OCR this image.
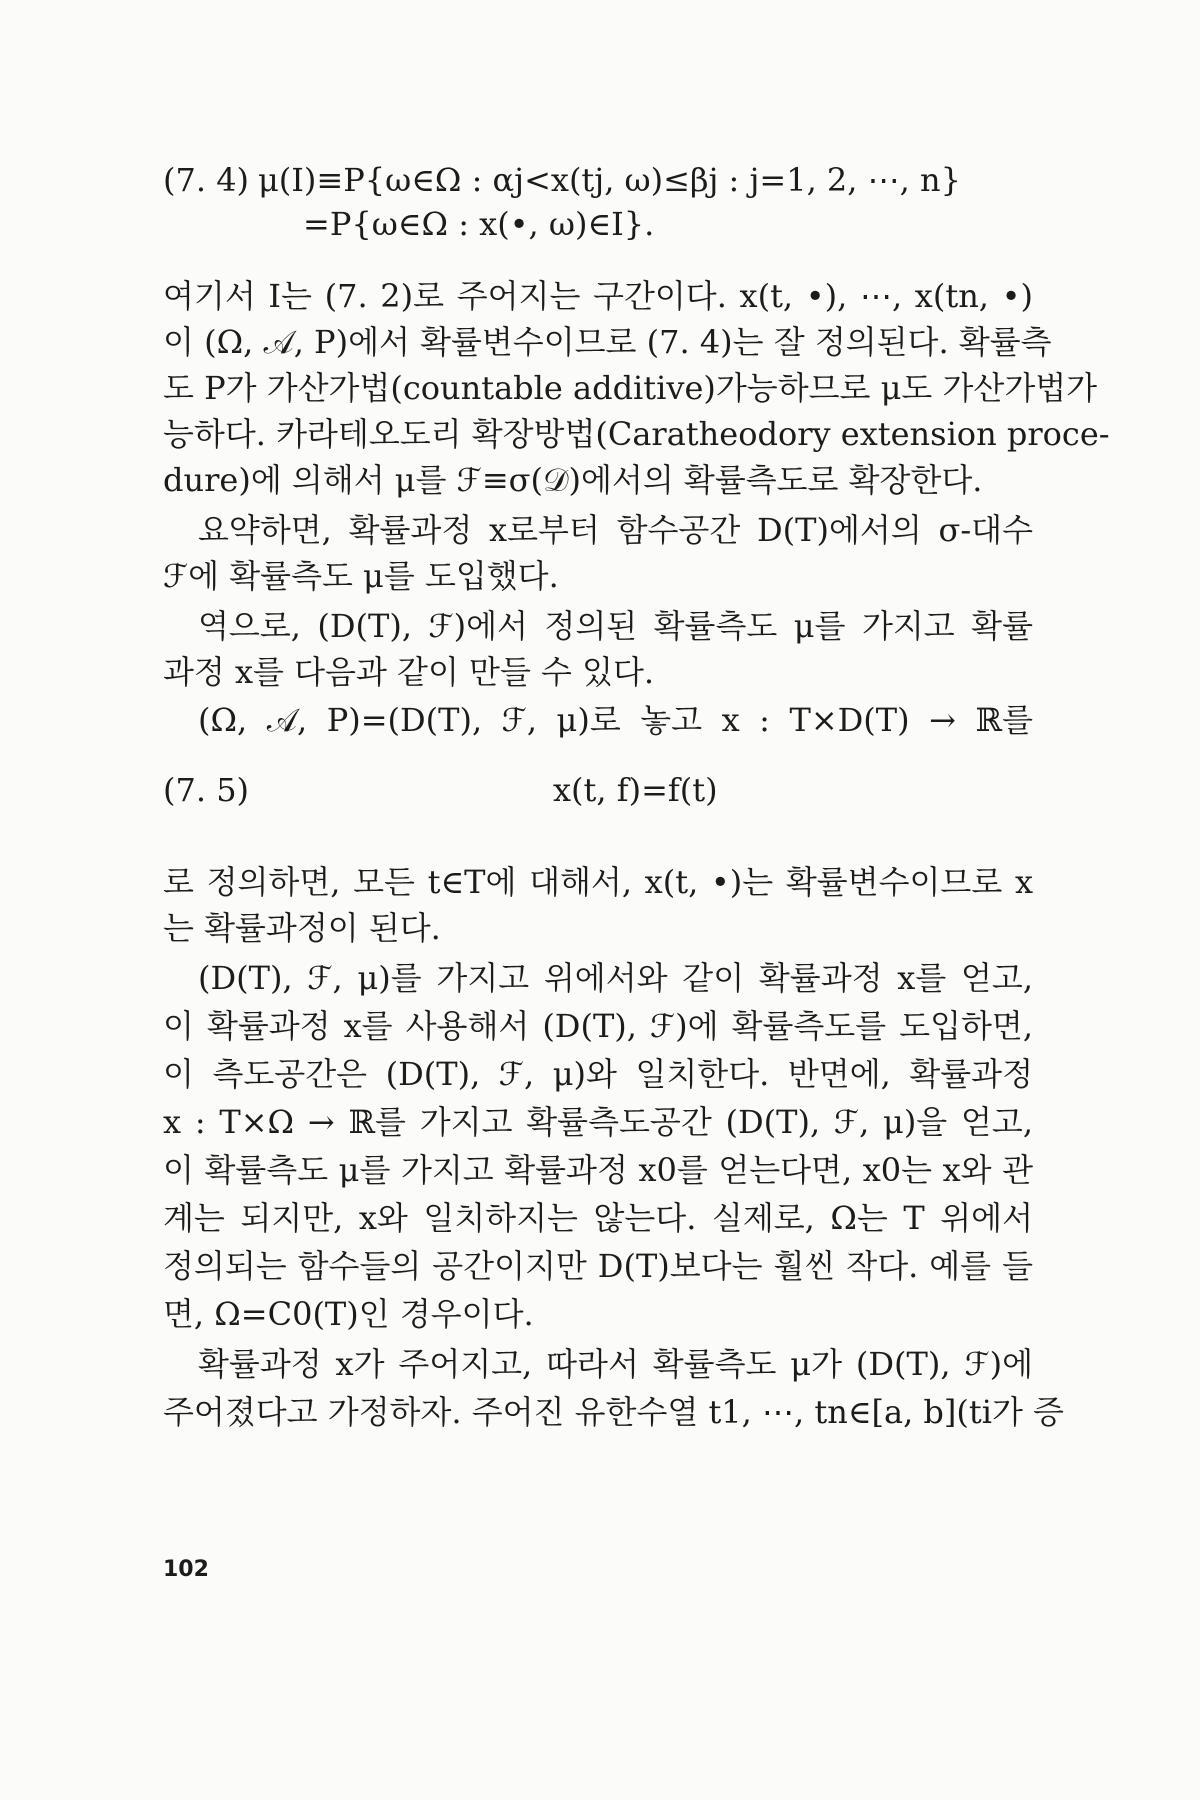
(7. 4) μ(I)≡P{ω∈Ω : αj<x(tj, ω)≤βj : j=1, 2, ⋯, n}
=P{ω∈Ω : x(•, ω)∈I}.
여기서 I는 (7. 2)로 주어지는 구간이다. x(t, •), ⋯, x(tn, •)
이 (Ω, 𝒜, P)에서 확률변수이므로 (7. 4)는 잘 정의된다. 확률측
도 P가 가산가법(countable additive)가능하므로 μ도 가산가법가
능하다. 카라테오도리 확장방법(Caratheodory extension proce-
dure)에 의해서 μ를 ℱ≡σ(𝒟)에서의 확률측도로 확장한다.
요약하면, 확률과정 x로부터 함수공간 D(T)에서의 σ-대수
ℱ에 확률측도 μ를 도입했다.
역으로, (D(T), ℱ)에서 정의된 확률측도 μ를 가지고 확률
과정 x를 다음과 같이 만들 수 있다.
(Ω, 𝒜, P)=(D(T), ℱ, μ)로 놓고 x : T×D(T) → ℝ를
(7. 5)	x(t, f)=f(t)
로 정의하면, 모든 t∈T에 대해서, x(t, •)는 확률변수이므로 x
는 확률과정이 된다.
(D(T), ℱ, μ)를 가지고 위에서와 같이 확률과정 x를 얻고,
이 확률과정 x를 사용해서 (D(T), ℱ)에 확률측도를 도입하면,
이 측도공간은 (D(T), ℱ, μ)와 일치한다. 반면에, 확률과정
x : T×Ω → ℝ를 가지고 확률측도공간 (D(T), ℱ, μ)을 얻고,
이 확률측도 μ를 가지고 확률과정 x0를 얻는다면, x0는 x와 관
계는 되지만, x와 일치하지는 않는다. 실제로, Ω는 T 위에서
정의되는 함수들의 공간이지만 D(T)보다는 훨씬 작다. 예를 들
면, Ω=C0(T)인 경우이다.
확률과정 x가 주어지고, 따라서 확률측도 μ가 (D(T), ℱ)에
주어졌다고 가정하자. 주어진 유한수열 t1, ⋯, tn∈[a, b](ti가 증
102
